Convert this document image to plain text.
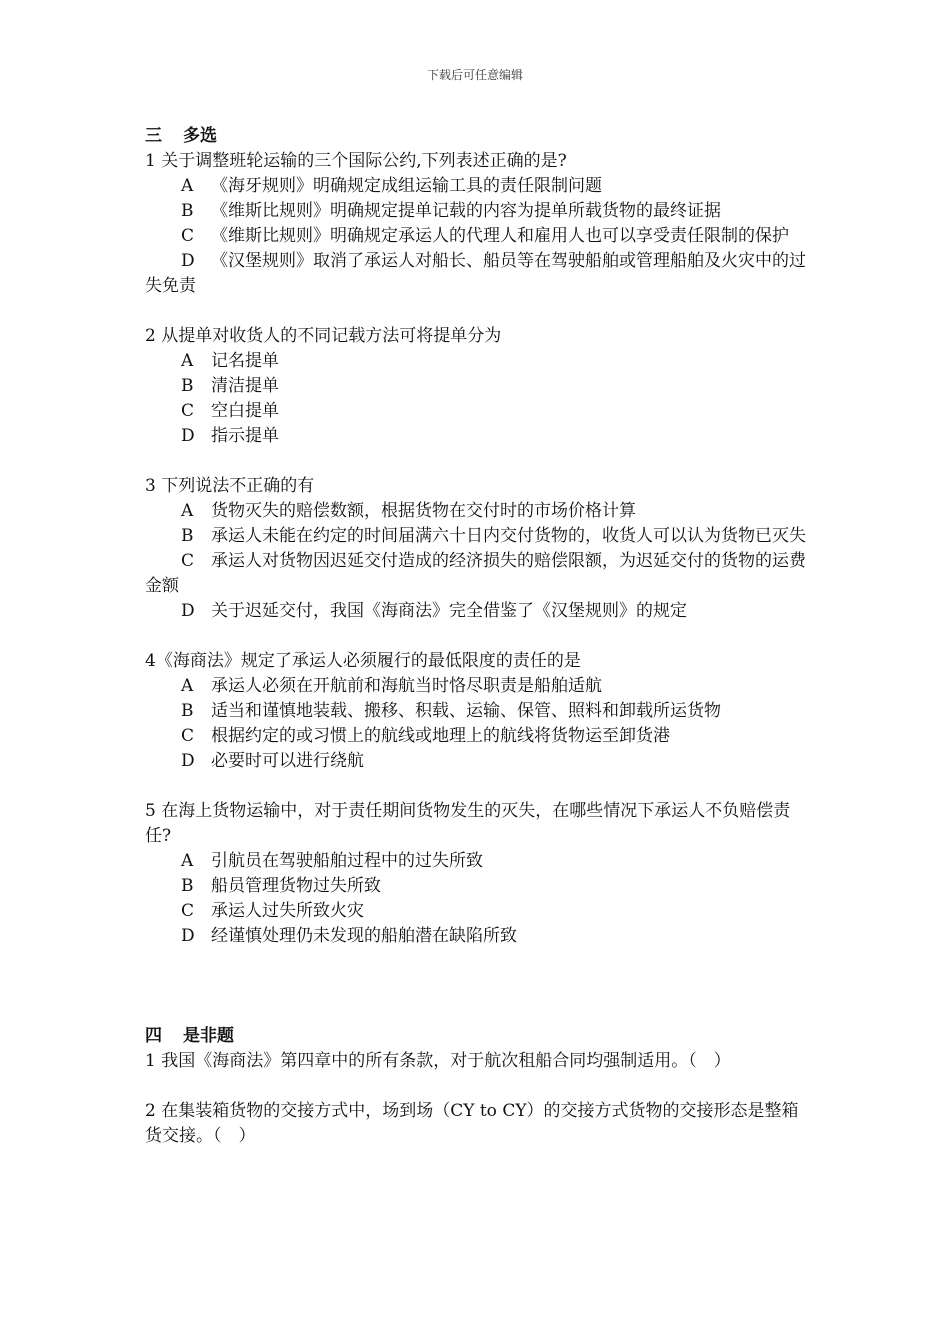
下载后可任意编辑
三 多选
1 关于调整班轮运输的三个国际公约,下列表述正确的是?
A 《海牙规则》明确规定成组运输工具的责任限制问题
B 《维斯比规则》明确规定提单记载的内容为提单所载货物的最终证据
C 《维斯比规则》明确规定承运人的代理人和雇用人也可以享受责任限制的保护
D 《汉堡规则》取消了承运人对船长、船员等在驾驶船舶或管理船舶及火灾中的过失免责
2 从提单对收货人的不同记载方法可将提单分为
A 记名提单
B 清洁提单
C 空白提单
D 指示提单
3 下列说法不正确的有
A 货物灭失的赔偿数额，根据货物在交付时的市场价格计算
B 承运人未能在约定的时间届满六十日内交付货物的，收货人可以认为货物已灭失
C 承运人对货物因迟延交付造成的经济损失的赔偿限额，为迟延交付的货物的运费金额
D 关于迟延交付，我国《海商法》完全借鉴了《汉堡规则》的规定
4《海商法》规定了承运人必须履行的最低限度的责任的是
A 承运人必须在开航前和海航当时恪尽职责是船舶适航
B 适当和谨慎地装载、搬移、积载、运输、保管、照料和卸载所运货物
C 根据约定的或习惯上的航线或地理上的航线将货物运至卸货港
D 必要时可以进行绕航
5 在海上货物运输中，对于责任期间货物发生的灭失，在哪些情况下承运人不负赔偿责任?
A 引航员在驾驶船舶过程中的过失所致
B 船员管理货物过失所致
C 承运人过失所致火灾
D 经谨慎处理仍未发现的船舶潜在缺陷所致
四 是非题
1 我国《海商法》第四章中的所有条款，对于航次租船合同均强制适用。（　）
2 在集装箱货物的交接方式中，场到场（CY to CY）的交接方式货物的交接形态是整箱货交接。（　）
